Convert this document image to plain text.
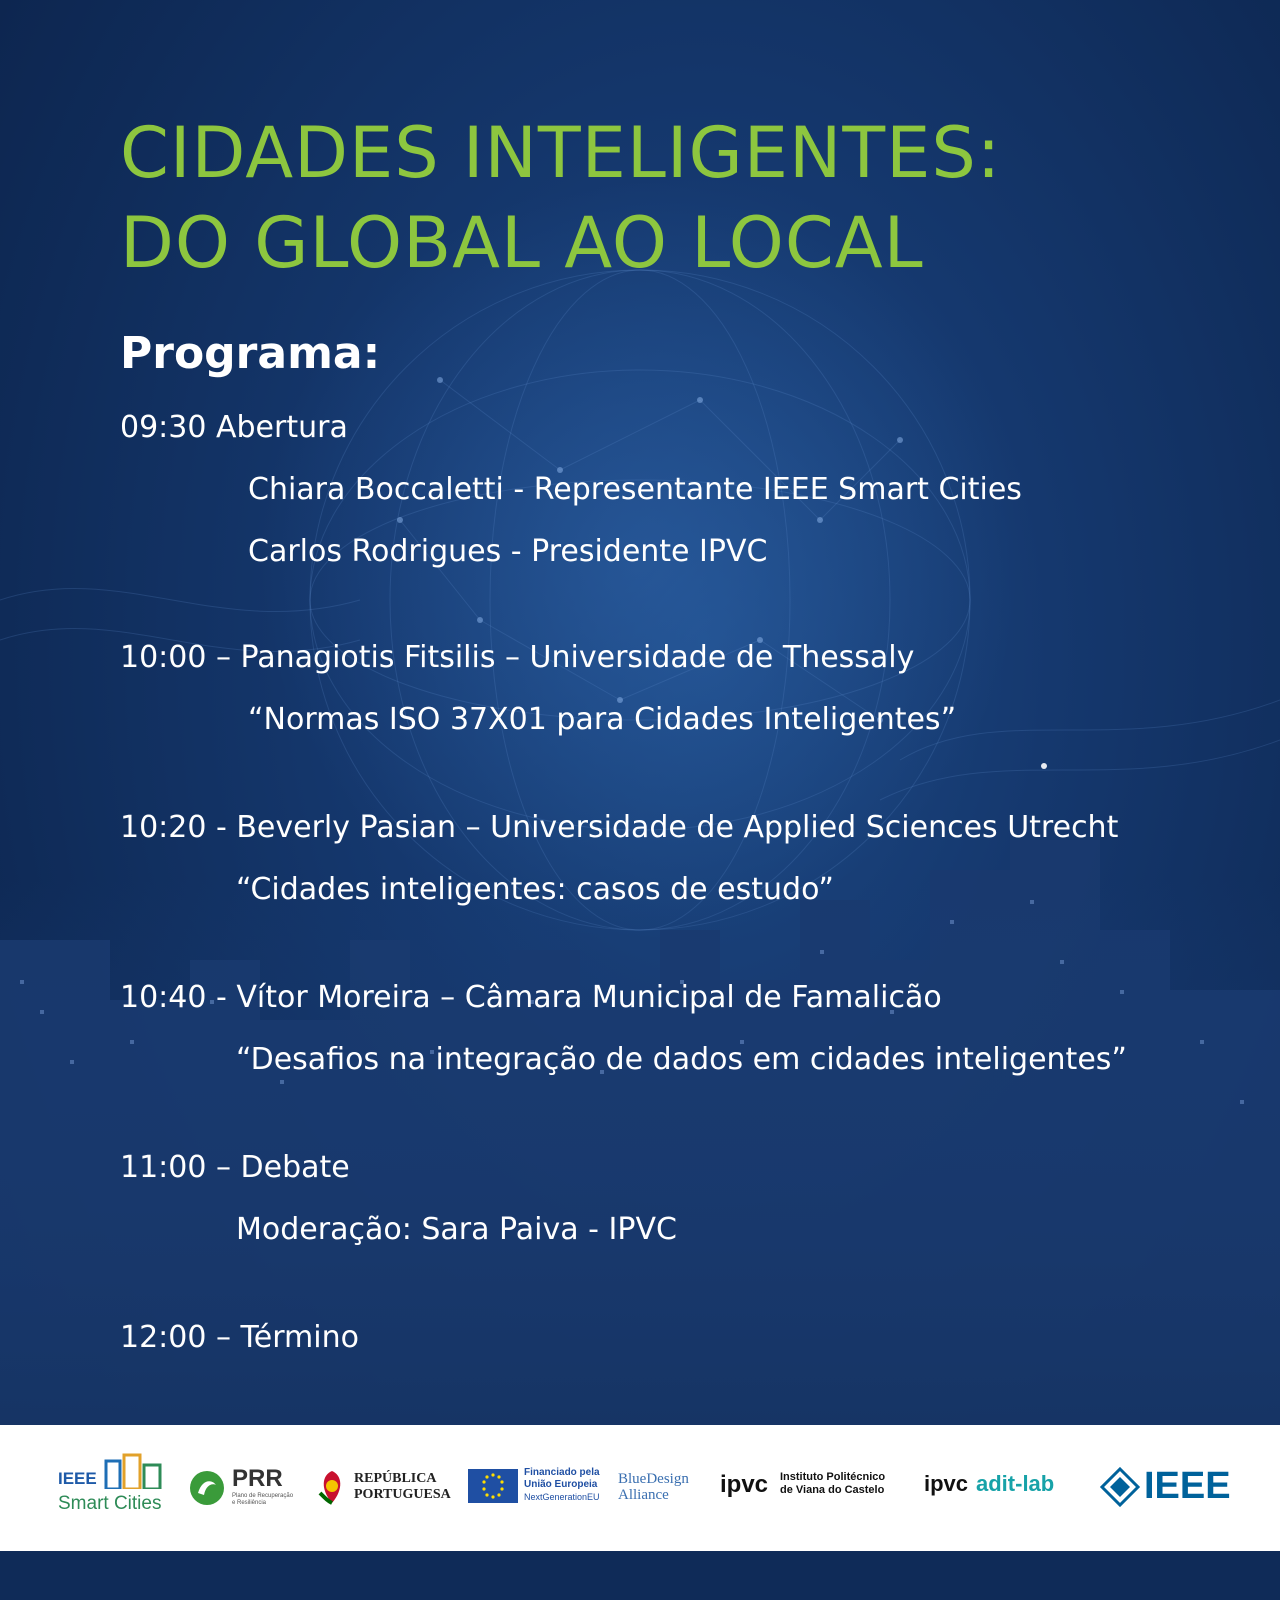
CIDADES INTELIGENTES:
DO GLOBAL AO LOCAL
Programa:
09:30 Abertura
Chiara Boccaletti - Representante IEEE Smart Cities
Carlos Rodrigues - Presidente IPVC
10:00 – Panagiotis Fitsilis – Universidade de Thessaly
“Normas ISO 37X01 para Cidades Inteligentes”
10:20 - Beverly Pasian – Universidade de Applied Sciences Utrecht
“Cidades inteligentes: casos de estudo”
10:40 - Vítor Moreira – Câmara Municipal de Famalicão
“Desafios na integração de dados em cidades inteligentes”
11:00 – Debate
Moderação: Sara Paiva - IPVC
12:00 – Término
IEEE
Smart Cities
PRR
Plano de Recuperação
e Resiliência
REPÚBLICA
PORTUGUESA
Financiado pela
União Europeia
NextGenerationEU
BlueDesign
Alliance ipvc Instituto Politécnico
de Viana do Castelo ipvc adit-lab IEEE
